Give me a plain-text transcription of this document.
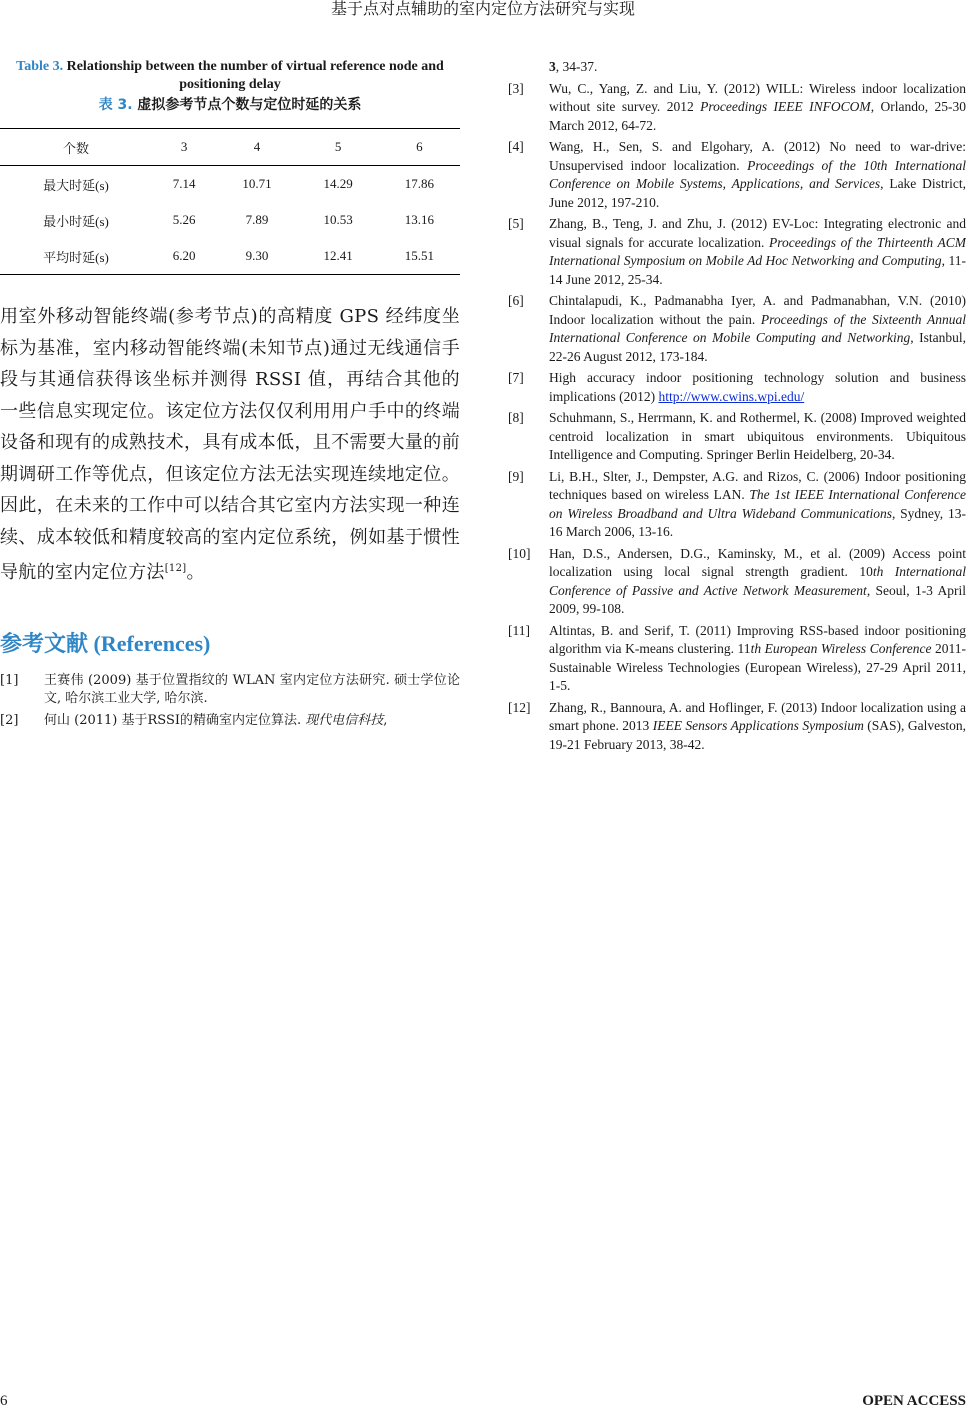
基于点对点辅助的室内定位方法研究与实现
Table 3. Relationship between the number of virtual reference node and positioning delay
表 3. 虚拟参考节点个数与定位时延的关系
个数	3	4	5	6
最大时延(s)	7.14	10.71	14.29	17.86
最小时延(s)	5.26	7.89	10.53	13.16
平均时延(s)	6.20	9.30	12.41	15.51
用室外移动智能终端(参考节点)的高精度 GPS 经纬度坐标为基准，室内移动智能终端(未知节点)通过无线通信手段与其通信获得该坐标并测得 RSSI 值，再结合其他的一些信息实现定位。该定位方法仅仅利用用户手中的终端设备和现有的成熟技术，具有成本低，且不需要大量的前期调研工作等优点，但该定位方法无法实现连续地定位。因此，在未来的工作中可以结合其它室内方法实现一种连续、成本较低和精度较高的室内定位系统，例如基于惯性导航的室内定位方法[12]。
参考文献 (References)
[1] 王赛伟 (2009) 基于位置指纹的 WLAN 室内定位方法研究. 硕士学位论文, 哈尔滨工业大学, 哈尔滨.
[2] 何山 (2011) 基于RSSI的精确室内定位算法. 现代电信科技,
3, 34-37.
[3] Wu, C., Yang, Z. and Liu, Y. (2012) WILL: Wireless indoor localization without site survey. 2012 Proceedings IEEE INFOCOM, Orlando, 25-30 March 2012, 64-72.
[4] Wang, H., Sen, S. and Elgohary, A. (2012) No need to war-drive: Unsupervised indoor localization. Proceedings of the 10th International Conference on Mobile Systems, Applications, and Services, Lake District, June 2012, 197-210.
[5] Zhang, B., Teng, J. and Zhu, J. (2012) EV-Loc: Integrating electronic and visual signals for accurate localization. Proceedings of the Thirteenth ACM International Symposium on Mobile Ad Hoc Networking and Computing, 11-14 June 2012, 25-34.
[6] Chintalapudi, K., Padmanabha Iyer, A. and Padmanabhan, V.N. (2010) Indoor localization without the pain. Proceedings of the Sixteenth Annual International Conference on Mobile Computing and Networking, Istanbul, 22-26 August 2012, 173-184.
[7] High accuracy indoor positioning technology solution and business implications (2012) http://www.cwins.wpi.edu/
[8] Schuhmann, S., Herrmann, K. and Rothermel, K. (2008) Improved weighted centroid localization in smart ubiquitous environments. Ubiquitous Intelligence and Computing. Springer Berlin Heidelberg, 20-34.
[9] Li, B.H., Slter, J., Dempster, A.G. and Rizos, C. (2006) Indoor positioning techniques based on wireless LAN. The 1st IEEE International Conference on Wireless Broadband and Ultra Wideband Communications, Sydney, 13-16 March 2006, 13-16.
[10] Han, D.S., Andersen, D.G., Kaminsky, M., et al. (2009) Access point localization using local signal strength gradient. 10th International Conference of Passive and Active Network Measurement, Seoul, 1-3 April 2009, 99-108.
[11] Altintas, B. and Serif, T. (2011) Improving RSS-based indoor positioning algorithm via K-means clustering. 11th European Wireless Conference 2011-Sustainable Wireless Technologies (European Wireless), 27-29 April 2011, 1-5.
[12] Zhang, R., Bannoura, A. and Hoflinger, F. (2013) Indoor localization using a smart phone. 2013 IEEE Sensors Applications Symposium (SAS), Galveston, 19-21 February 2013, 38-42.
6	OPEN ACCESS
